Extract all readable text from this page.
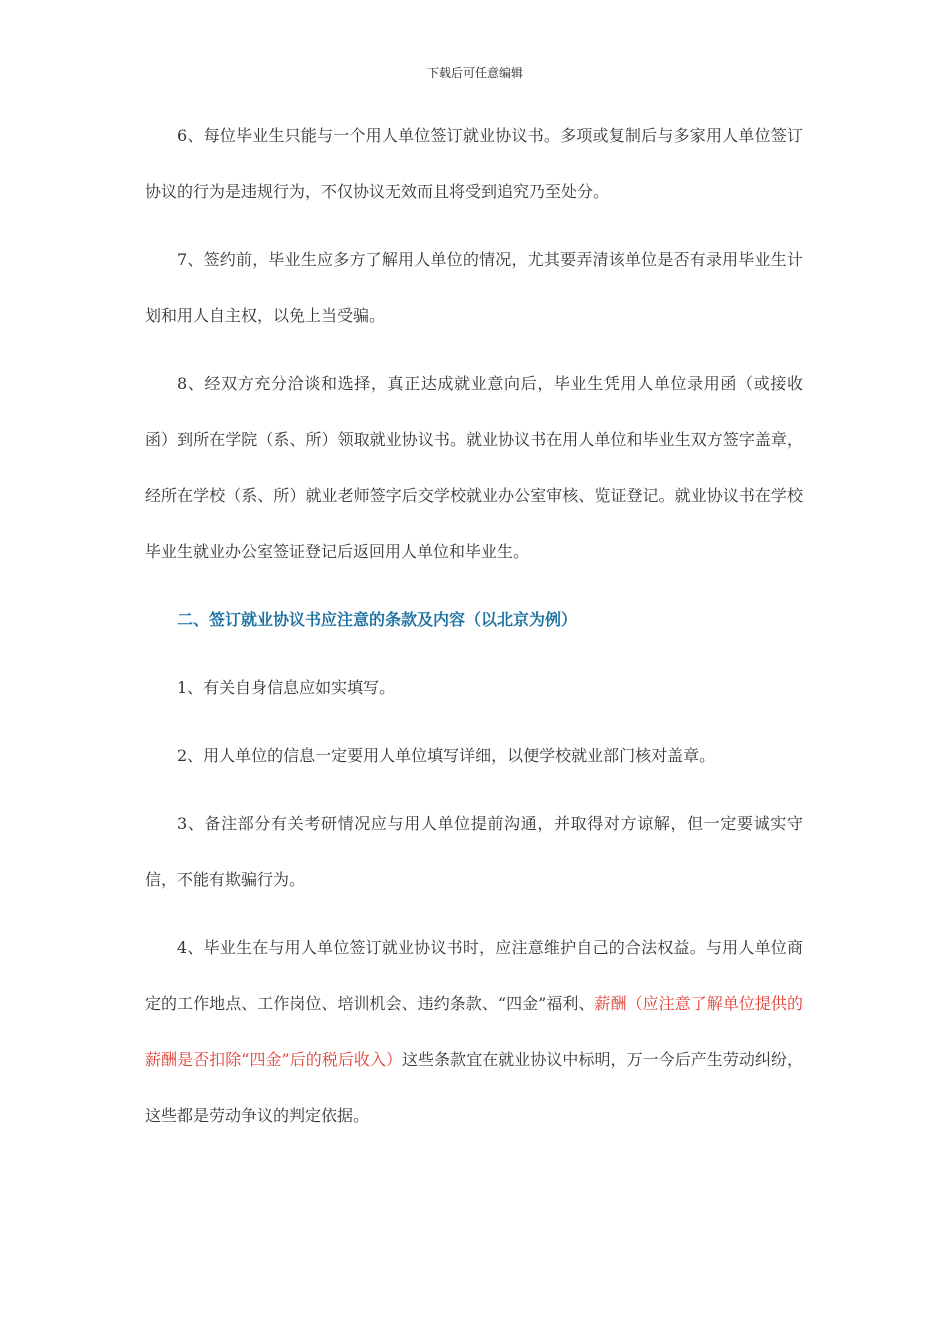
下载后可任意编辑

6、每位毕业生只能与一个用人单位签订就业协议书。多项或复制后与多家用人单位签订协议的行为是违规行为，不仅协议无效而且将受到追究乃至处分。

7、签约前，毕业生应多方了解用人单位的情况，尤其要弄清该单位是否有录用毕业生计划和用人自主权，以免上当受骗。

8、经双方充分洽谈和选择，真正达成就业意向后，毕业生凭用人单位录用函（或接收函）到所在学院（系、所）领取就业协议书。就业协议书在用人单位和毕业生双方签字盖章，经所在学校（系、所）就业老师签字后交学校就业办公室审核、览证登记。就业协议书在学校毕业生就业办公室签证登记后返回用人单位和毕业生。

二、签订就业协议书应注意的条款及内容（以北京为例）

1、有关自身信息应如实填写。

2、用人单位的信息一定要用人单位填写详细，以便学校就业部门核对盖章。

3、备注部分有关考研情况应与用人单位提前沟通，并取得对方谅解，但一定要诚实守信，不能有欺骗行为。

4、毕业生在与用人单位签订就业协议书时，应注意维护自己的合法权益。与用人单位商定的工作地点、工作岗位、培训机会、违约条款、“四金”福利、薪酬（应注意了解单位提供的薪酬是否扣除“四金”后的税后收入）这些条款宜在就业协议中标明，万一今后产生劳动纠纷，这些都是劳动争议的判定依据。
